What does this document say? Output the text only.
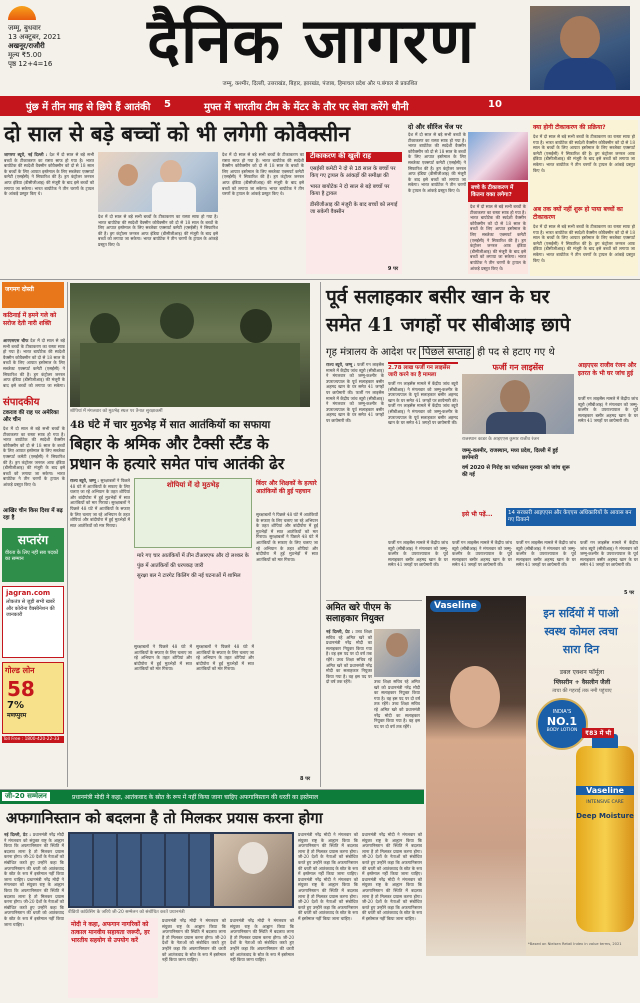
जम्मू, बुधवार
13 अक्टूबर, 2021
अखनूर/राजौरी
मूल्य ₹5.00
पृष्ठ 12+4=16	दैनिक जागरण
जम्मू, कश्मीर, दिल्ली, उत्तराखंड, बिहार, झारखंड, पंजाब, हिमाचल प्रदेश और प.बंगाल से प्रकाशित
पुंछ में तीन माह से छिपे हैं आतंकी 5	मुफ्त में भारतीय टीम के मेंटर के तौर पर सेवा करेंगे धौनी	10
दो साल से बड़े बच्चों को भी लगेगी कोवैक्सीन
जागरण ब्यूरो, नई दिल्ली : देश में दो साल से बड़े सभी बच्चों के टीकाकरण का रास्ता साफ हो गया है। भारत बायोटेक की स्वदेशी वैक्सीन कोवैक्सीन को दो से 18 साल के बच्चों के लिए आपात इस्तेमाल के लिए सब्जेक्ट एक्सपर्ट कमेटी (एसईसी) ने सिफारिश की है। ड्रग कंट्रोलर जनरल आफ इंडिया (डीसीजीआइ) की मंजूरी के बाद इसे बच्चों को लगाया जा सकेगा। भारत बायोटेक ने तीन चरणों के ट्रायल के आंकड़े प्रस्तुत किए थे।
देश में दो साल से बड़े सभी बच्चों के टीकाकरण का रास्ता साफ हो गया है। भारत बायोटेक की स्वदेशी वैक्सीन कोवैक्सीन को दो से 18 साल के बच्चों के लिए आपात इस्तेमाल के लिए सब्जेक्ट एक्सपर्ट कमेटी (एसईसी) ने सिफारिश की है। ड्रग कंट्रोलर जनरल आफ इंडिया (डीसीजीआइ) की मंजूरी के बाद इसे बच्चों को लगाया जा सकेगा। भारत बायोटेक ने तीन चरणों के ट्रायल के आंकड़े प्रस्तुत किए थे।
देश में दो साल से बड़े सभी बच्चों के टीकाकरण का रास्ता साफ हो गया है। भारत बायोटेक की स्वदेशी वैक्सीन कोवैक्सीन को दो से 18 साल के बच्चों के लिए आपात इस्तेमाल के लिए सब्जेक्ट एक्सपर्ट कमेटी (एसईसी) ने सिफारिश की है। ड्रग कंट्रोलर जनरल आफ इंडिया (डीसीजीआइ) की मंजूरी के बाद इसे बच्चों को लगाया जा सकेगा। भारत बायोटेक ने तीन चरणों के ट्रायल के आंकड़े प्रस्तुत किए थे।
टीकाकरण की खुली राह
एसईसी कमेटी ने दो से 18 साल के बच्चों पर किए गए ट्रायल के आंकड़ों की समीक्षा की
भारत बायोटेक ने दो साल से बड़े बच्चों पर किया है ट्रायल
डीसीजीआइ की मंजूरी के बाद बच्चों को लगाई जा सकेगी वैक्सीन
9 पर
दो और सीरिंज चेंज पर
देश में दो साल से बड़े सभी बच्चों के टीकाकरण का रास्ता साफ हो गया है। भारत बायोटेक की स्वदेशी वैक्सीन कोवैक्सीन को दो से 18 साल के बच्चों के लिए आपात इस्तेमाल के लिए सब्जेक्ट एक्सपर्ट कमेटी (एसईसी) ने सिफारिश की है। ड्रग कंट्रोलर जनरल आफ इंडिया (डीसीजीआइ) की मंजूरी के बाद इसे बच्चों को लगाया जा सकेगा। भारत बायोटेक ने तीन चरणों के ट्रायल के आंकड़े प्रस्तुत किए थे।	बच्चे के टीकाकरण में कितना वक्त लगेगा?
देश में दो साल से बड़े सभी बच्चों के टीकाकरण का रास्ता साफ हो गया है। भारत बायोटेक की स्वदेशी वैक्सीन कोवैक्सीन को दो से 18 साल के बच्चों के लिए आपात इस्तेमाल के लिए सब्जेक्ट एक्सपर्ट कमेटी (एसईसी) ने सिफारिश की है। ड्रग कंट्रोलर जनरल आफ इंडिया (डीसीजीआइ) की मंजूरी के बाद इसे बच्चों को लगाया जा सकेगा। भारत बायोटेक ने तीन चरणों के ट्रायल के आंकड़े प्रस्तुत किए थे।
क्या होगी टीकाकरण की प्रक्रिया?
देश में दो साल से बड़े सभी बच्चों के टीकाकरण का रास्ता साफ हो गया है। भारत बायोटेक की स्वदेशी वैक्सीन कोवैक्सीन को दो से 18 साल के बच्चों के लिए आपात इस्तेमाल के लिए सब्जेक्ट एक्सपर्ट कमेटी (एसईसी) ने सिफारिश की है। ड्रग कंट्रोलर जनरल आफ इंडिया (डीसीजीआइ) की मंजूरी के बाद इसे बच्चों को लगाया जा सकेगा। भारत बायोटेक ने तीन चरणों के ट्रायल के आंकड़े प्रस्तुत किए थे।
अब तक क्यों नहीं शुरू हो पाया बच्चों का टीकाकरण
देश में दो साल से बड़े सभी बच्चों के टीकाकरण का रास्ता साफ हो गया है। भारत बायोटेक की स्वदेशी वैक्सीन कोवैक्सीन को दो से 18 साल के बच्चों के लिए आपात इस्तेमाल के लिए सब्जेक्ट एक्सपर्ट कमेटी (एसईसी) ने सिफारिश की है। ड्रग कंट्रोलर जनरल आफ इंडिया (डीसीजीआइ) की मंजूरी के बाद इसे बच्चों को लगाया जा सकेगा। भारत बायोटेक ने तीन चरणों के ट्रायल के आंकड़े प्रस्तुत किए थे।
जगमग दोस्ती
कठिनाई में हमने गले को सरोज देती नारी शक्ति
आरएसएस चीफ देश में दो साल से बड़े सभी बच्चों के टीकाकरण का रास्ता साफ हो गया है। भारत बायोटेक की स्वदेशी वैक्सीन कोवैक्सीन को दो से 18 साल के बच्चों के लिए आपात इस्तेमाल के लिए सब्जेक्ट एक्सपर्ट कमेटी (एसईसी) ने सिफारिश की है। ड्रग कंट्रोलर जनरल आफ इंडिया (डीसीजीआइ) की मंजूरी के बाद इसे बच्चों को लगाया जा सकेगा।
संपादकीय
टकराव की राह पर अमेरिका और चीन
देश में दो साल से बड़े सभी बच्चों के टीकाकरण का रास्ता साफ हो गया है। भारत बायोटेक की स्वदेशी वैक्सीन कोवैक्सीन को दो से 18 साल के बच्चों के लिए आपात इस्तेमाल के लिए सब्जेक्ट एक्सपर्ट कमेटी (एसईसी) ने सिफारिश की है। ड्रग कंट्रोलर जनरल आफ इंडिया (डीसीजीआइ) की मंजूरी के बाद इसे बच्चों को लगाया जा सकेगा। भारत बायोटेक ने तीन चरणों के ट्रायल के आंकड़े प्रस्तुत किए थे।
आखिर चीन किस दिशा में बढ़ रहा है
सप्तरंग
वीरता के लिए नहीं सब पदकों का सम्मान
jagran.com
लोकतंत्र से जुड़ी सभी खबरें और कोरोना वैक्सीनेशन की जानकारी
गोल्ड लोन
58
7%
मणप्पुरम
Toll Free : 1800-420-22-33
शोपियां में मंगलवार को मुठभेड़ स्थल पर तैनात सुरक्षाकर्मी
48 घंटे में चार मुठभेड़ में सात आतंकियों का सफाया
बिहार के श्रमिक और टैक्सी स्टैंड के
प्रधान के हत्यारे समेत पांच आतंकी ढेर
राज्य ब्यूरो, जम्मू : सुरक्षाबलों ने पिछले 48 घंटे में आतंकियों के सफाए के लिए चलाए जा रहे अभियान के तहत शोपियां और बांदीपोरा में हुई मुठभेड़ों में सात आतंकियों को मार गिराया। सुरक्षाबलों ने पिछले 48 घंटे में आतंकियों के सफाए के लिए चलाए जा रहे अभियान के तहत शोपियां और बांदीपोरा में हुई मुठभेड़ों में सात आतंकियों को मार गिराया।
शोपियां में दो मुठभेड़
मारे गए चार आतंकियों में तीन टीआरएफ और दो लश्कर के
पुंछ में आतंकियों की धरपकड़ जारी
सुरक्षा बल ने टारगेट किलिंग की नई घटनाओं में शामिल
सुरक्षाबलों ने पिछले 48 घंटे में आतंकियों के सफाए के लिए चलाए जा रहे अभियान के तहत शोपियां और बांदीपोरा में हुई मुठभेड़ों में सात आतंकियों को मार गिराया।
सुरक्षाबलों ने पिछले 48 घंटे में आतंकियों के सफाए के लिए चलाए जा रहे अभियान के तहत शोपियां और बांदीपोरा में हुई मुठभेड़ों में सात आतंकियों को मार गिराया।
बिंदर और शिक्षकों के हत्यारे आतंकियों की हुई पहचान
सुरक्षाबलों ने पिछले 48 घंटे में आतंकियों के सफाए के लिए चलाए जा रहे अभियान के तहत शोपियां और बांदीपोरा में हुई मुठभेड़ों में सात आतंकियों को मार गिराया। सुरक्षाबलों ने पिछले 48 घंटे में आतंकियों के सफाए के लिए चलाए जा रहे अभियान के तहत शोपियां और बांदीपोरा में हुई मुठभेड़ों में सात आतंकियों को मार गिराया।
8 पर
पूर्व सलाहकार बसीर खान के घर
समेत 41 जगहों पर सीबीआइ छापे
गृह मंत्रालय के आदेश पर पिछले सप्ताह ही पद से हटाए गए थे
राज्य ब्यूरो, जम्मू : फर्जी गन लाइसेंस मामले में केंद्रीय जांच ब्यूरो (सीबीआइ) ने मंगलवार को जम्मू-कश्मीर के उपराज्यपाल के पूर्व सलाहकार बसीर अहमद खान के घर समेत 41 जगहों पर छापेमारी की। फर्जी गन लाइसेंस मामले में केंद्रीय जांच ब्यूरो (सीबीआइ) ने मंगलवार को जम्मू-कश्मीर के उपराज्यपाल के पूर्व सलाहकार बसीर अहमद खान के घर समेत 41 जगहों पर छापेमारी की।
2.78 लाख फर्जी गन लाइसेंस जारी करने का है मामला
फर्जी गन लाइसेंस मामले में केंद्रीय जांच ब्यूरो (सीबीआइ) ने मंगलवार को जम्मू-कश्मीर के उपराज्यपाल के पूर्व सलाहकार बसीर अहमद खान के घर समेत 41 जगहों पर छापेमारी की। फर्जी गन लाइसेंस मामले में केंद्रीय जांच ब्यूरो (सीबीआइ) ने मंगलवार को जम्मू-कश्मीर के उपराज्यपाल के पूर्व सलाहकार बसीर अहमद खान के घर समेत 41 जगहों पर छापेमारी की।
फर्जी गन लाइसेंस
राजस्थान काडर के आइएएस कुमार राजीव रंजन
जम्मू-कश्मीर, राजस्थान, मध्य प्रदेश, दिल्ली में हुई छापेमारी
वर्ष 2020 से गिरोह का पर्दाफाश गुरुवार को जांच शुरू की गई
आइएएस राजीव रंजन और इतरत के भी घर जांच हुई
फर्जी गन लाइसेंस मामले में केंद्रीय जांच ब्यूरो (सीबीआइ) ने मंगलवार को जम्मू-कश्मीर के उपराज्यपाल के पूर्व सलाहकार बसीर अहमद खान के घर समेत 41 जगहों पर छापेमारी की।
इसे भी पढ़ें...	14 सरकारी आइएएस और केएएस अधिकारियों के आवास बन गए ठिकाने
फर्जी गन लाइसेंस मामले में केंद्रीय जांच ब्यूरो (सीबीआइ) ने मंगलवार को जम्मू-कश्मीर के उपराज्यपाल के पूर्व सलाहकार बसीर अहमद खान के घर समेत 41 जगहों पर छापेमारी की।
फर्जी गन लाइसेंस मामले में केंद्रीय जांच ब्यूरो (सीबीआइ) ने मंगलवार को जम्मू-कश्मीर के उपराज्यपाल के पूर्व सलाहकार बसीर अहमद खान के घर समेत 41 जगहों पर छापेमारी की।
फर्जी गन लाइसेंस मामले में केंद्रीय जांच ब्यूरो (सीबीआइ) ने मंगलवार को जम्मू-कश्मीर के उपराज्यपाल के पूर्व सलाहकार बसीर अहमद खान के घर समेत 41 जगहों पर छापेमारी की।
फर्जी गन लाइसेंस मामले में केंद्रीय जांच ब्यूरो (सीबीआइ) ने मंगलवार को जम्मू-कश्मीर के उपराज्यपाल के पूर्व सलाहकार बसीर अहमद खान के घर समेत 41 जगहों पर छापेमारी की।
5 पर
अमित खरे पीएम के
सलाहकार नियुक्त
नई दिल्ली, प्रेट : उच्च शिक्षा सचिव रहे अमित खरे को प्रधानमंत्री नरेंद्र मोदी का सलाहकार नियुक्त किया गया है। वह इस पद पर दो वर्ष तक रहेंगे। उच्च शिक्षा सचिव रहे अमित खरे को प्रधानमंत्री नरेंद्र मोदी का सलाहकार नियुक्त किया गया है। वह इस पद पर दो वर्ष तक रहेंगे।	उच्च शिक्षा सचिव रहे अमित खरे को प्रधानमंत्री नरेंद्र मोदी का सलाहकार नियुक्त किया गया है। वह इस पद पर दो वर्ष तक रहेंगे। उच्च शिक्षा सचिव रहे अमित खरे को प्रधानमंत्री नरेंद्र मोदी का सलाहकार नियुक्त किया गया है। वह इस पद पर दो वर्ष तक रहेंगे।
Vaseline
इन सर्दियों में पाओ
स्वस्थ कोमल त्वचा
सारा दिन
डबल एक्शन फॉर्मूला
ग्लिसरीन + वैसलीन जैली
त्वचा की गहराई तक नमी पहुंचाए
INDIA'S
NO.1
BODY LOTION
Vaseline
INTENSIVE CARE
Deep Moisture
₹83 में भी
*Based on Nielsen Retail Index in value terms, 2021
जी-20 सम्मेलन	प्रधानमंत्री मोदी ने कहा, आतंकवाद के स्रोत के रूप में नहीं किया जाना चाहिए अफगानिस्तान की धरती का इस्तेमाल
अफगानिस्तान को बदलना है तो मिलकर प्रयास करना होगा
नई दिल्ली, प्रेट : प्रधानमंत्री नरेंद्र मोदी ने मंगलवार को संयुक्त राष्ट्र के आह्वान किया कि अफगानिस्तान की स्थिति में बदलाव लाना है तो मिलकर प्रयास करना होगा। जी-20 देशों के नेताओं को संबोधित करते हुए उन्होंने कहा कि अफगानिस्तान की धरती को आतंकवाद के स्रोत के रूप में इस्तेमाल नहीं किया जाना चाहिए। प्रधानमंत्री नरेंद्र मोदी ने मंगलवार को संयुक्त राष्ट्र के आह्वान किया कि अफगानिस्तान की स्थिति में बदलाव लाना है तो मिलकर प्रयास करना होगा। जी-20 देशों के नेताओं को संबोधित करते हुए उन्होंने कहा कि अफगानिस्तान की धरती को आतंकवाद के स्रोत के रूप में इस्तेमाल नहीं किया जाना चाहिए।
वीडियो कांफ्रेंसिंग के जरिये जी-20 सम्मेलन को संबोधित करते प्रधानमंत्री
मोदी ने कहा, अफगान नागरिकों को तत्काल मानवीय सहायता जरूरी, हर भारतीय सहयोग से उपयोग करें
प्रधानमंत्री नरेंद्र मोदी ने मंगलवार को संयुक्त राष्ट्र के आह्वान किया कि अफगानिस्तान की स्थिति में बदलाव लाना है तो मिलकर प्रयास करना होगा। जी-20 देशों के नेताओं को संबोधित करते हुए उन्होंने कहा कि अफगानिस्तान की धरती को आतंकवाद के स्रोत के रूप में इस्तेमाल नहीं किया जाना चाहिए।
प्रधानमंत्री नरेंद्र मोदी ने मंगलवार को संयुक्त राष्ट्र के आह्वान किया कि अफगानिस्तान की स्थिति में बदलाव लाना है तो मिलकर प्रयास करना होगा। जी-20 देशों के नेताओं को संबोधित करते हुए उन्होंने कहा कि अफगानिस्तान की धरती को आतंकवाद के स्रोत के रूप में इस्तेमाल नहीं किया जाना चाहिए।
प्रधानमंत्री नरेंद्र मोदी ने मंगलवार को संयुक्त राष्ट्र के आह्वान किया कि अफगानिस्तान की स्थिति में बदलाव लाना है तो मिलकर प्रयास करना होगा। जी-20 देशों के नेताओं को संबोधित करते हुए उन्होंने कहा कि अफगानिस्तान की धरती को आतंकवाद के स्रोत के रूप में इस्तेमाल नहीं किया जाना चाहिए। प्रधानमंत्री नरेंद्र मोदी ने मंगलवार को संयुक्त राष्ट्र के आह्वान किया कि अफगानिस्तान की स्थिति में बदलाव लाना है तो मिलकर प्रयास करना होगा। जी-20 देशों के नेताओं को संबोधित करते हुए उन्होंने कहा कि अफगानिस्तान की धरती को आतंकवाद के स्रोत के रूप में इस्तेमाल नहीं किया जाना चाहिए।
प्रधानमंत्री नरेंद्र मोदी ने मंगलवार को संयुक्त राष्ट्र के आह्वान किया कि अफगानिस्तान की स्थिति में बदलाव लाना है तो मिलकर प्रयास करना होगा। जी-20 देशों के नेताओं को संबोधित करते हुए उन्होंने कहा कि अफगानिस्तान की धरती को आतंकवाद के स्रोत के रूप में इस्तेमाल नहीं किया जाना चाहिए। प्रधानमंत्री नरेंद्र मोदी ने मंगलवार को संयुक्त राष्ट्र के आह्वान किया कि अफगानिस्तान की स्थिति में बदलाव लाना है तो मिलकर प्रयास करना होगा। जी-20 देशों के नेताओं को संबोधित करते हुए उन्होंने कहा कि अफगानिस्तान की धरती को आतंकवाद के स्रोत के रूप में इस्तेमाल नहीं किया जाना चाहिए।
